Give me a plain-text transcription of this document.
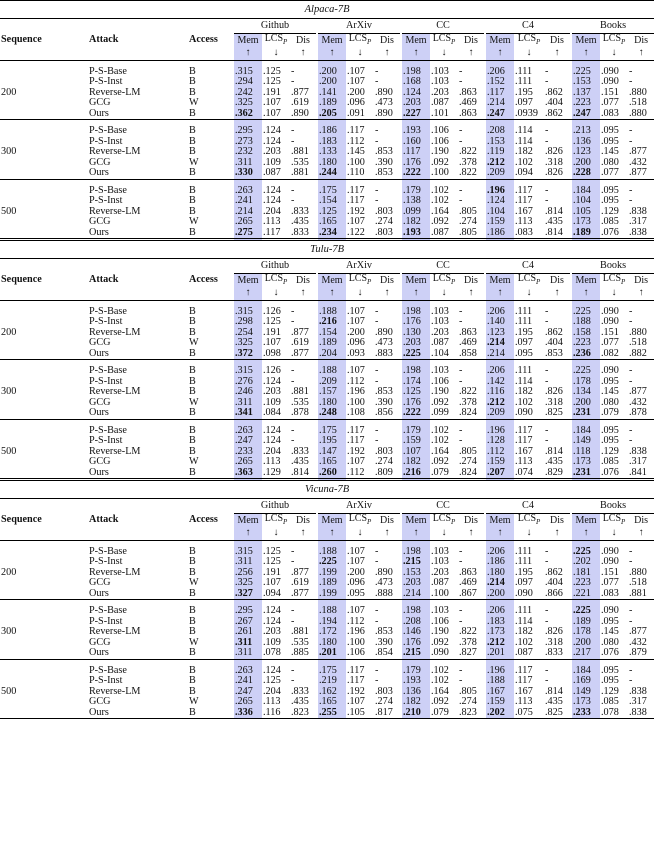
Alpaca-7B																					
			Github				ArXiv				CC				C4				Books		
Sequence	Attack	Access	Mem	$LCS_P$	Dis		Mem	$LCS_P$	Dis		Mem	$LCS_P$	Dis		Mem	$LCS_P$	Dis		Mem	$LCS_P$	Dis
			↑	↓	↑		↑	↓	↑		↑	↓	↑		↑	↓	↑		↑	↓	↑

200	P-S-Base	B	.315	.125	-		.200	.107	-		.198	.103	-		.206	.111	-		.225	.090	-
	P-S-Inst	B	.294	.125	-		.200	.107	-		.168	.103	-		.152	.111	-		.153	.090	-
	Reverse-LM	B	.242	.191	.877		.141	.200	.890		.124	.203	.863		.117	.195	.862		.137	.151	.880
	GCG	W	.325	.107	.619		.189	.096	.473		.203	.087	.469		.214	.097	.404		.223	.077	.518
	Ours	B	.362	.107	.890		.205	.091	.890		.227	.101	.863		.247	.0939	.862		.247	.083	.880

300	P-S-Base	B	.295	.124	-		.186	.117	-		.193	.106	-		.208	.114	-		.213	.095	-
	P-S-Inst	B	.273	.124	-		.183	.112	-		.160	.106	-		.153	.114	-		.136	.095	-
	Reverse-LM	B	.232	.203	.881		.133	.145	.853		.117	.190	.822		.119	.182	.826		.123	.145	.877
	GCG	W	.311	.109	.535		.180	.100	.390		.176	.092	.378		.212	.102	.318		.200	.080	.432
	Ours	B	.330	.087	.881		.244	.110	.853		.222	.100	.822		.209	.094	.826		.228	.077	.877

500	P-S-Base	B	.263	.124	-		.175	.117	-		.179	.102	-		.196	.117	-		.184	.095	-
	P-S-Inst	B	.241	.124	-		.154	.117	-		.138	.102	-		.124	.117	-		.104	.095	-
	Reverse-LM	B	.214	.204	.833		.125	.192	.803		.099	.164	.805		.104	.167	.814		.105	.129	.838
	GCG	W	.265	.113	.435		.165	.107	.274		.182	.092	.274		.159	.113	.435		.173	.085	.317
	Ours	B	.275	.117	.833		.234	.122	.803		.193	.087	.805		.186	.083	.814		.189	.076	.838
Tulu-7B																					
			Github				ArXiv				CC				C4				Books		
Sequence	Attack	Access	Mem	$LCS_P$	Dis		Mem	$LCS_P$	Dis		Mem	$LCS_P$	Dis		Mem	$LCS_P$	Dis		Mem	$LCS_P$	Dis
			↑	↓	↑		↑	↓	↑		↑	↓	↑		↑	↓	↑		↑	↓	↑

200	P-S-Base	B	.315	.126	-		.188	.107	-		.198	.103	-		.206	.111	-		.225	.090	-
	P-S-Inst	B	.298	.125	-		.216	.107	-		.176	.103	-		.140	.111	-		.188	.090	-
	Reverse-LM	B	.254	.191	.877		.154	.200	.890		.130	.203	.863		.123	.195	.862		.158	.151	.880
	GCG	W	.325	.107	.619		.189	.096	.473		.203	.087	.469		.214	.097	.404		.223	.077	.518
	Ours	B	.372	.098	.877		.204	.093	.883		.225	.104	.858		.214	.095	.853		.236	.082	.882

300	P-S-Base	B	.315	.126	-		.188	.107	-		.198	.103	-		.206	.111	-		.225	.090	-
	P-S-Inst	B	.276	.124	-		.209	.112	-		.174	.106	-		.142	.114	-		.178	.095	-
	Reverse-LM	B	.246	.203	.881		.157	.196	.853		.125	.190	.822		.116	.182	.826		.134	.145	.877
	GCG	W	.311	.109	.535		.180	.100	.390		.176	.092	.378		.212	.102	.318		.200	.080	.432
	Ours	B	.341	.084	.878		.248	.108	.856		.222	.099	.824		.209	.090	.825		.231	.079	.878

500	P-S-Base	B	.263	.124	-		.175	.117	-		.179	.102	-		.196	.117	-		.184	.095	-
	P-S-Inst	B	.247	.124	-		.195	.117	-		.159	.102	-		.128	.117	-		.149	.095	-
	Reverse-LM	B	.233	.204	.833		.147	.192	.803		.107	.164	.805		.112	.167	.814		.118	.129	.838
	GCG	W	.265	.113	.435		.165	.107	.274		.182	.092	.274		.159	.113	.435		.173	.085	.317
	Ours	B	.363	.129	.814		.260	.112	.809		.216	.079	.824		.207	.074	.829		.231	.076	.841
Vicuna-7B																					
			Github				ArXiv				CC				C4				Books		
Sequence	Attack	Access	Mem	$LCS_P$	Dis		Mem	$LCS_P$	Dis		Mem	$LCS_P$	Dis		Mem	$LCS_P$	Dis		Mem	$LCS_P$	Dis
			↑	↓	↑		↑	↓	↑		↑	↓	↑		↑	↓	↑		↑	↓	↑

200	P-S-Base	B	.315	.125	-		.188	.107	-		.198	.103	-		.206	.111	-		.225	.090	-
	P-S-Inst	B	.311	.125	-		.225	.107	-		.215	.103	-		.186	.111	-		.202	.090	-
	Reverse-LM	B	.256	.191	.877		.199	.200	.890		.153	.203	.863		.180	.195	.862		.181	.151	.880
	GCG	W	.325	.107	.619		.189	.096	.473		.203	.087	.469		.214	.097	.404		.223	.077	.518
	Ours	B	.327	.094	.877		.199	.095	.888		.214	.100	.867		.200	.090	.866		.221	.083	.881

300	P-S-Base	B	.295	.124	-		.188	.107	-		.198	.103	-		.206	.111	-		.225	.090	-
	P-S-Inst	B	.267	.124	-		.194	.112	-		.208	.106	-		.183	.114	-		.189	.095	-
	Reverse-LM	B	.261	.203	.881		.172	.196	.853		.146	.190	.822		.173	.182	.826		.178	.145	.877
	GCG	W	.311	.109	.535		.180	.100	.390		.176	.092	.378		.212	.102	.318		.200	.080	.432
	Ours	B	.311	.078	.885		.201	.106	.854		.215	.090	.827		.201	.087	.833		.217	.076	.879

500	P-S-Base	B	.263	.124	-		.175	.117	-		.179	.102	-		.196	.117	-		.184	.095	-
	P-S-Inst	B	.241	.125	-		.219	.117	-		.193	.102	-		.188	.117	-		.169	.095	-
	Reverse-LM	B	.247	.204	.833		.162	.192	.803		.136	.164	.805		.167	.167	.814		.149	.129	.838
	GCG	W	.265	.113	.435		.165	.107	.274		.182	.092	.274		.159	.113	.435		.173	.085	.317
	Ours	B	.336	.116	.823		.255	.105	.817		.210	.079	.823		.202	.075	.825		.233	.078	.838
